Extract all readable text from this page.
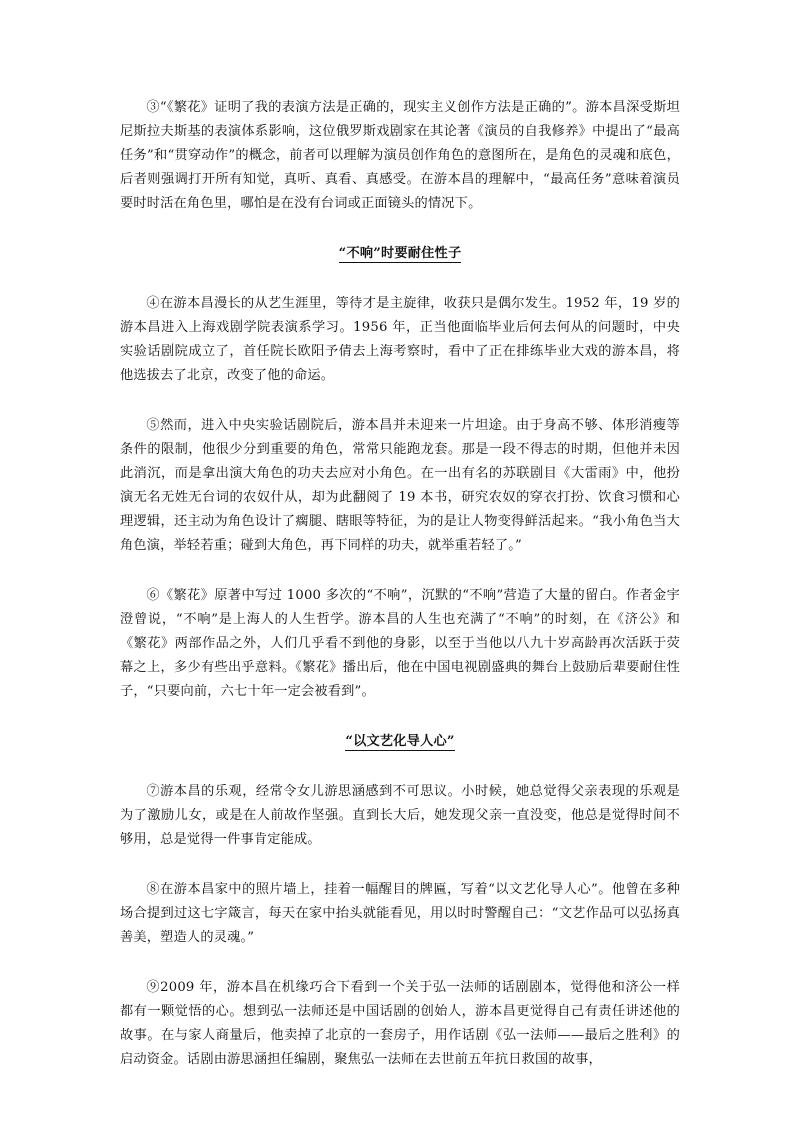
③“《繁花》证明了我的表演方法是正确的，现实主义创作方法是正确的”。游本昌深受斯坦尼斯拉夫斯基的表演体系影响，这位俄罗斯戏剧家在其论著《演员的自我修养》中提出了“最高任务”和“贯穿动作”的概念，前者可以理解为演员创作角色的意图所在，是角色的灵魂和底色，后者则强调打开所有知觉，真听、真看、真感受。在游本昌的理解中，“最高任务”意味着演员要时时活在角色里，哪怕是在没有台词或正面镜头的情况下。

“不响”时要耐住性子

④在游本昌漫长的从艺生涯里，等待才是主旋律，收获只是偶尔发生。1952 年，19 岁的游本昌进入上海戏剧学院表演系学习。1956 年，正当他面临毕业后何去何从的问题时，中央实验话剧院成立了，首任院长欧阳予倩去上海考察时，看中了正在排练毕业大戏的游本昌，将他选拔去了北京，改变了他的命运。

⑤然而，进入中央实验话剧院后，游本昌并未迎来一片坦途。由于身高不够、体形消瘦等条件的限制，他很少分到重要的角色，常常只能跑龙套。那是一段不得志的时期，但他并未因此消沉，而是拿出演大角色的功夫去应对小角色。在一出有名的苏联剧目《大雷雨》中，他扮演无名无姓无台词的农奴什从，却为此翻阅了 19 本书，研究农奴的穿衣打扮、饮食习惯和心理逻辑，还主动为角色设计了瘸腿、瞎眼等特征，为的是让人物变得鲜活起来。“我小角色当大角色演，举轻若重；碰到大角色，再下同样的功夫，就举重若轻了。”

⑥《繁花》原著中写过 1000 多次的“不响”，沉默的“不响”营造了大量的留白。作者金宇澄曾说，“不响”是上海人的人生哲学。游本昌的人生也充满了“不响”的时刻，在《济公》和《繁花》两部作品之外，人们几乎看不到他的身影，以至于当他以八九十岁高龄再次活跃于荧幕之上，多少有些出乎意料。《繁花》播出后，他在中国电视剧盛典的舞台上鼓励后辈要耐住性子，“只要向前，六七十年一定会被看到”。

“以文艺化导人心”

⑦游本昌的乐观，经常令女儿游思涵感到不可思议。小时候，她总觉得父亲表现的乐观是为了激励儿女，或是在人前故作坚强。直到长大后，她发现父亲一直没变，他总是觉得时间不够用，总是觉得一件事肯定能成。

⑧在游本昌家中的照片墙上，挂着一幅醒目的牌匾，写着“以文艺化导人心”。他曾在多种场合提到过这七字箴言，每天在家中抬头就能看见，用以时时警醒自己：“文艺作品可以弘扬真善美，塑造人的灵魂。”

⑨2009 年，游本昌在机缘巧合下看到一个关于弘一法师的话剧剧本，觉得他和济公一样都有一颗觉悟的心。想到弘一法师还是中国话剧的创始人，游本昌更觉得自己有责任讲述他的故事。在与家人商量后，他卖掉了北京的一套房子，用作话剧《弘一法师——最后之胜利》的启动资金。话剧由游思涵担任编剧，聚焦弘一法师在去世前五年抗日救国的故事，
